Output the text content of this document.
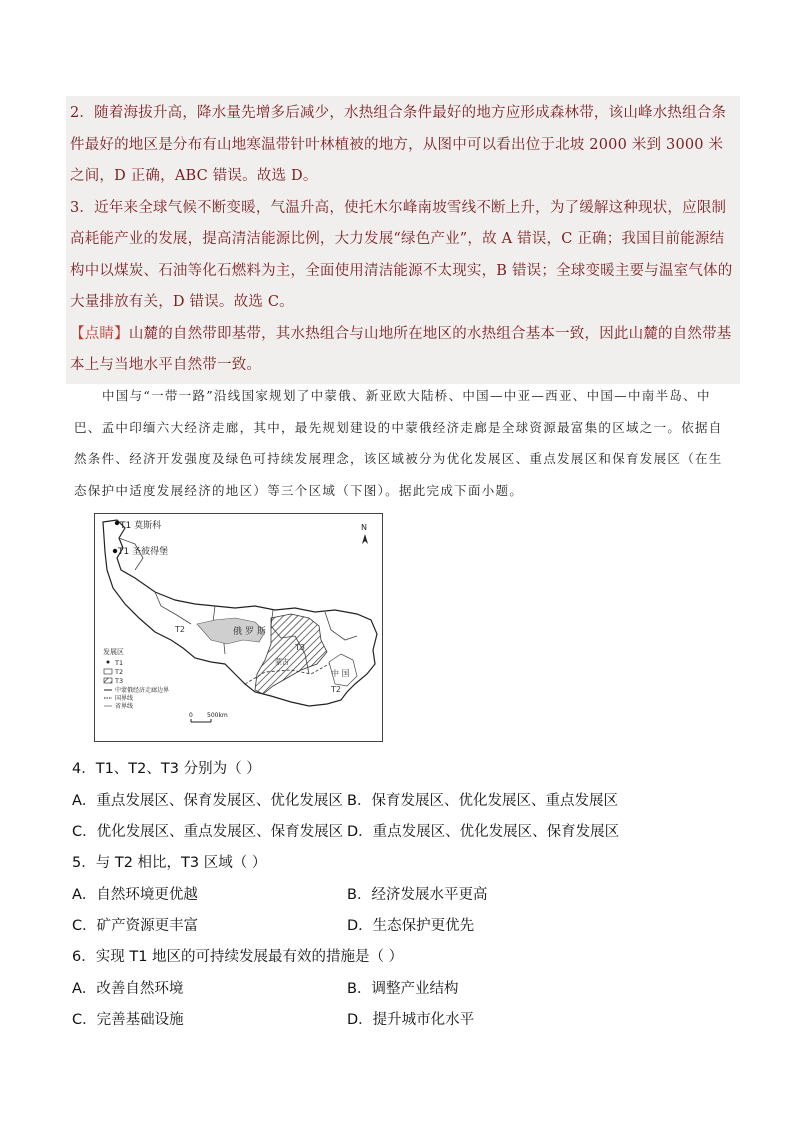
2．随着海拔升高，降水量先增多后减少，水热组合条件最好的地方应形成森林带，该山峰水热组合条件最好的地区是分布有山地寒温带针叶林植被的地方，从图中可以看出位于北坡 2000 米到 3000 米之间，D 正确，ABC 错误。故选 D。

3．近年来全球气候不断变暖，气温升高，使托木尔峰南坡雪线不断上升，为了缓解这种现状，应限制高耗能产业的发展，提高清洁能源比例，大力发展“绿色产业”，故 A 错误，C 正确；我国目前能源结构中以煤炭、石油等化石燃料为主，全面使用清洁能源不太现实，B 错误；全球变暖主要与温室气体的大量排放有关，D 错误。故选 C。

【点睛】山麓的自然带即基带，其水热组合与山地所在地区的水热组合基本一致，因此山麓的自然带基本上与当地水平自然带一致。

中国与“一带一路”沿线国家规划了中蒙俄、新亚欧大陆桥、中国—中亚—西亚、中国—中南半岛、中巴、孟中印缅六大经济走廊，其中，最先规划建设的中蒙俄经济走廊是全球资源最富集的区域之一。依据自然条件、经济开发强度及绿色可持续发展理念，该区域被分为优化发展区、重点发展区和保育发展区（在生态保护中适度发展经济的地区）等三个区域（下图）。据此完成下面小题。

T1 莫斯科
T1 圣彼得堡
俄 罗 斯
蒙古
中 国
T2
T2
T3
N
发展区
T1
T2
T3
中蒙俄经济走廊边界
国界线
省界线
0 500km
4．T1、T2、T3 分别为（ ）
A．重点发展区、保育发展区、优化发展区 B．保育发展区、优化发展区、重点发展区
C．优化发展区、重点发展区、保育发展区 D．重点发展区、优化发展区、保育发展区
5．与 T2 相比，T3 区域（ ）
A．自然环境更优越	B．经济发展水平更高
C．矿产资源更丰富	D．生态保护更优先
6．实现 T1 地区的可持续发展最有效的措施是（ ）
A．改善自然环境	B．调整产业结构
C．完善基础设施	D．提升城市化水平
